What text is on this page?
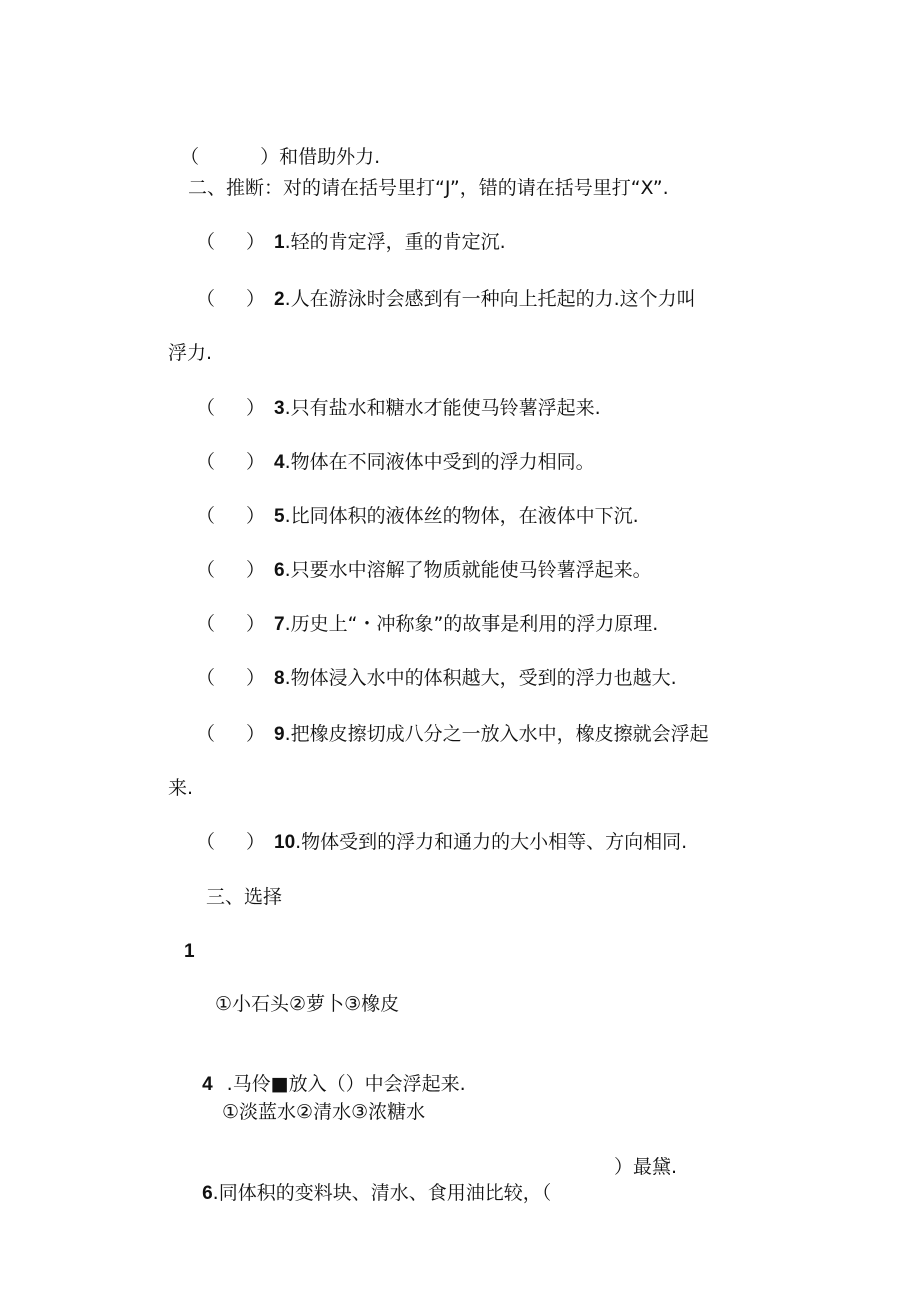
（	）和借助外力.

二、推断：对的请在括号里打“J”，错的请在括号里打“X”.
（ ） 1.轻的肯定浮，重的肯定沉.
（ ） 2.人在游泳时会感到有一种向上托起的力.这个力叫
浮力.
（ ） 3.只有盐水和糖水才能使马铃薯浮起来.
（ ） 4.物体在不同液体中受到的浮力相同。
（ ） 5.比同体积的液体丝的物体，在液体中下沉.
（ ） 6.只要水中溶解了物质就能使马铃薯浮起来。
（ ） 7.历史上“・冲称象”的故事是利用的浮力原理.
（ ） 8.物体浸入水中的体积越大，受到的浮力也越大.
（ ） 9.把橡皮擦切成八分之一放入水中，橡皮擦就会浮起
来.
（ ） 10.物体受到的浮力和通力的大小相等、方向相同.
三、选择
1
①小石头②萝卜③橡皮

4 .马伶■放入（）中会浮起来.

①淡蓝水②清水③浓糖水

6.同体积的变料块、清水、食用油比较，（

）最黛.
